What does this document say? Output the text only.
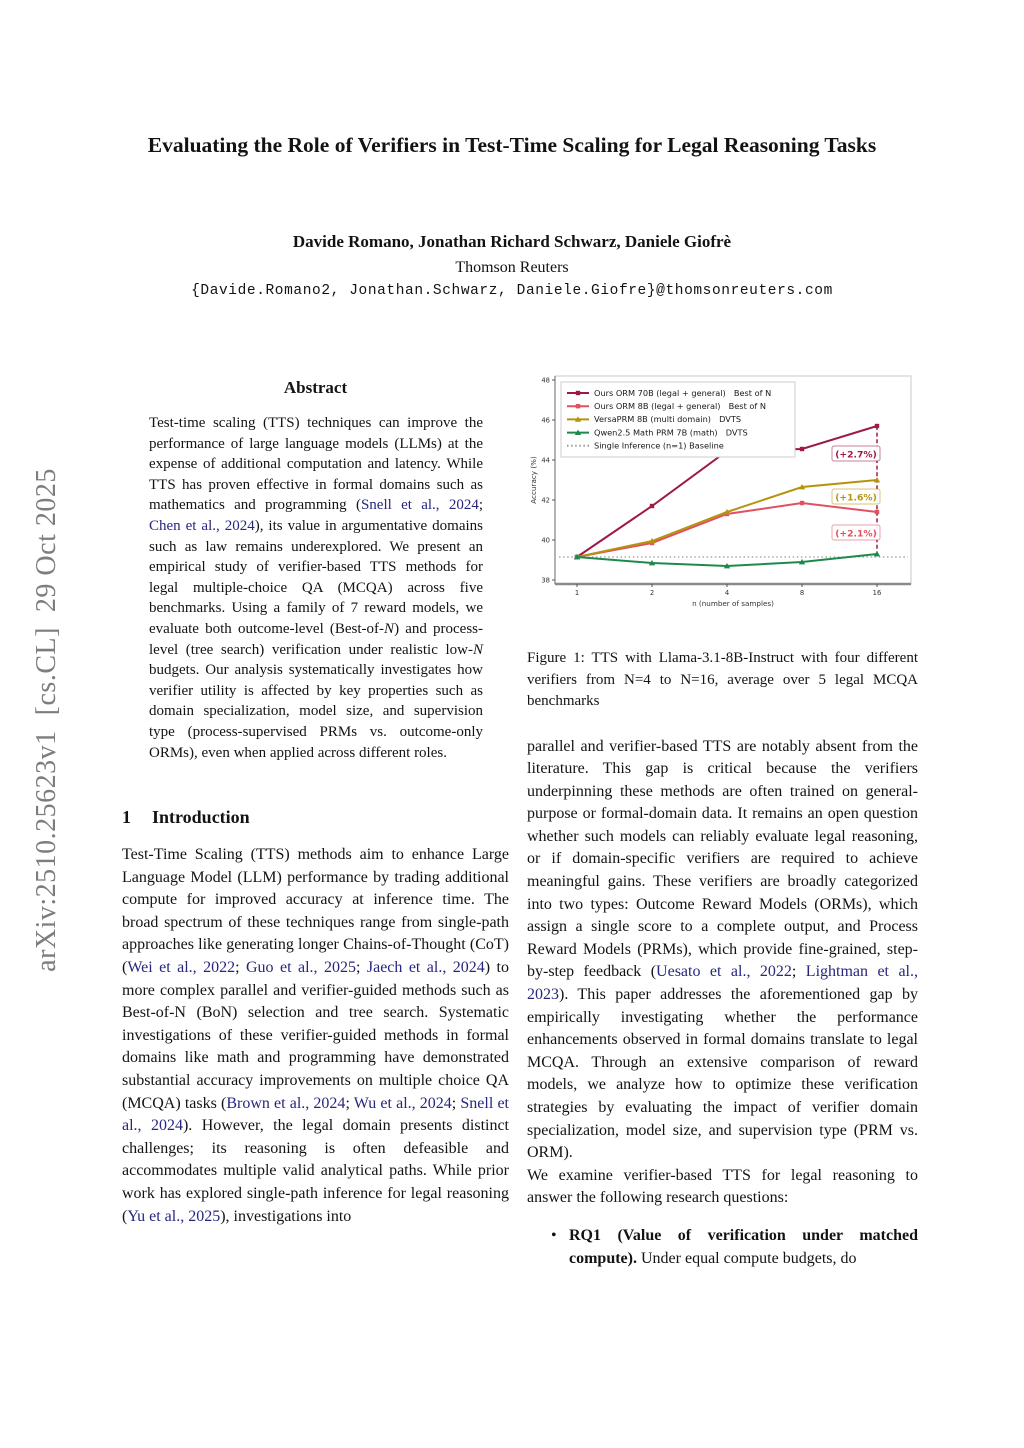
arXiv:2510.25623v1  [cs.CL]  29 Oct 2025
Evaluating the Role of Verifiers in Test-Time Scaling for Legal Reasoning Tasks
Davide Romano, Jonathan Richard Schwarz, Daniele Giofrè
Thomson Reuters
{Davide.Romano2, Jonathan.Schwarz, Daniele.Giofre}@thomsonreuters.com
Abstract
Test-time scaling (TTS) techniques can improve the performance of large language models (LLMs) at the expense of additional computation and latency. While TTS has proven effective in formal domains such as mathematics and programming (Snell et al., 2024; Chen et al., 2024), its value in argumentative domains such as law remains underexplored. We present an empirical study of verifier-based TTS methods for legal multiple-choice QA (MCQA) across five benchmarks. Using a family of 7 reward models, we evaluate both outcome-level (Best-of-N) and process-level (tree search) verification under realistic low-N budgets. Our analysis systematically investigates how verifier utility is affected by key properties such as domain specialization, model size, and supervision type (process-supervised PRMs vs. outcome-only ORMs), even when applied across different roles.
1 Introduction
Test-Time Scaling (TTS) methods aim to enhance Large Language Model (LLM) performance by trading additional compute for improved accuracy at inference time. The broad spectrum of these techniques range from single-path approaches like generating longer Chains-of-Thought (CoT) (Wei et al., 2022; Guo et al., 2025; Jaech et al., 2024) to more complex parallel and verifier-guided methods such as Best-of-N (BoN) selection and tree search. Systematic investigations of these verifier-guided methods in formal domains like math and programming have demonstrated substantial accuracy improvements on multiple choice QA (MCQA) tasks (Brown et al., 2024; Wu et al., 2024; Snell et al., 2024). However, the legal domain presents distinct challenges; its reasoning is often defeasible and accommodates multiple valid analytical paths. While prior work has explored single-path inference for legal reasoning (Yu et al., 2025), investigations into
38
40
42
44
46
48
1	2	4	8	16
n (number of samples)
Accuracy (%)
(+2.7%)
(+1.6%)
(+2.1%)
Ours ORM 70B (legal + general)  Best of N
Ours ORM 8B (legal + general)  Best of N
VersaPRM 8B (multi domain)  DVTS
Qwen2.5 Math PRM 7B (math)  DVTS
Single Inference (n=1) Baseline
Figure 1: TTS with Llama-3.1-8B-Instruct with four different verifiers from N=4 to N=16, average over 5 legal MCQA benchmarks
parallel and verifier-based TTS are notably absent from the literature. This gap is critical because the verifiers underpinning these methods are often trained on general-purpose or formal-domain data. It remains an open question whether such models can reliably evaluate legal reasoning, or if domain-specific verifiers are required to achieve meaningful gains. These verifiers are broadly categorized into two types: Outcome Reward Models (ORMs), which assign a single score to a complete output, and Process Reward Models (PRMs), which provide fine-grained, step-by-step feedback (Uesato et al., 2022; Lightman et al., 2023). This paper addresses the aforementioned gap by empirically investigating whether the performance enhancements observed in formal domains translate to legal MCQA. Through an extensive comparison of reward models, we analyze how to optimize these verification strategies by evaluating the impact of verifier domain specialization, model size, and supervision type (PRM vs. ORM).
We examine verifier-based TTS for legal reasoning to answer the following research questions:
• RQ1 (Value of verification under matched compute). Under equal compute budgets, do
